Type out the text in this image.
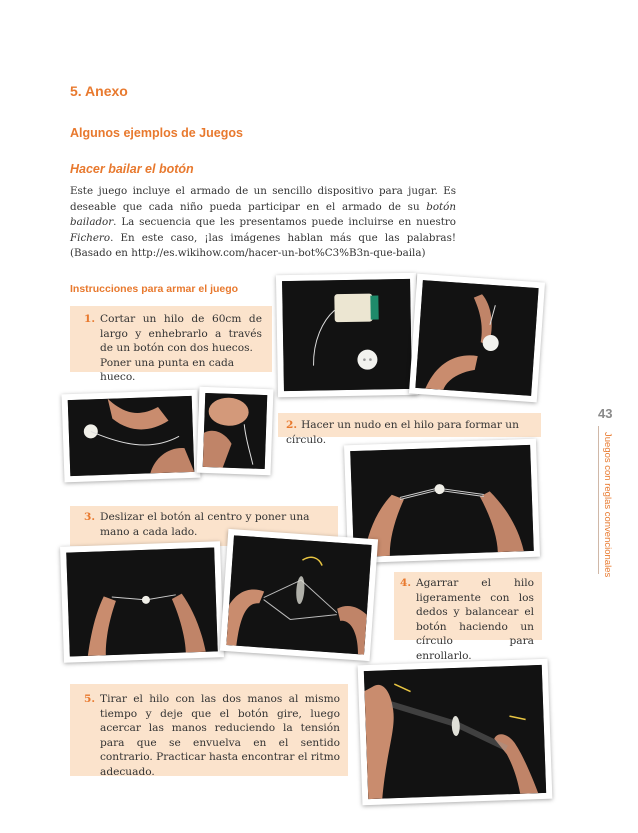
5. Anexo
Algunos ejemplos de Juegos
Hacer bailar el botón
Este juego incluye el armado de un sencillo dispositivo para jugar. Es deseable que cada niño pueda participar en el armado de su botón bailador. La secuencia que les presentamos puede incluirse en nuestro Fichero. En este caso, ¡las imágenes hablan más que las palabras! (Basado en http://es.wikihow.com/hacer-un-bot%C3%B3n-que-baila)
Instrucciones para armar el juego
1. Cortar un hilo de 60cm de largo y enhebrarlo a través de un botón con dos huecos.
Poner una punta en cada hueco.
2. Hacer un nudo en el hilo para formar un círculo.
3. Deslizar el botón al centro y poner una mano a cada lado.
4. Agarrar el hilo ligeramente con los dedos y balancear el botón haciendo un círculo para enrollarlo.
5. Tirar el hilo con las dos manos al mismo tiempo y deje que el botón gire, luego acercar las manos reduciendo la tensión para que se envuelva en el sentido contrario. Practicar hasta encontrar el ritmo adecuado.
43
Juegos con reglas convencionales
